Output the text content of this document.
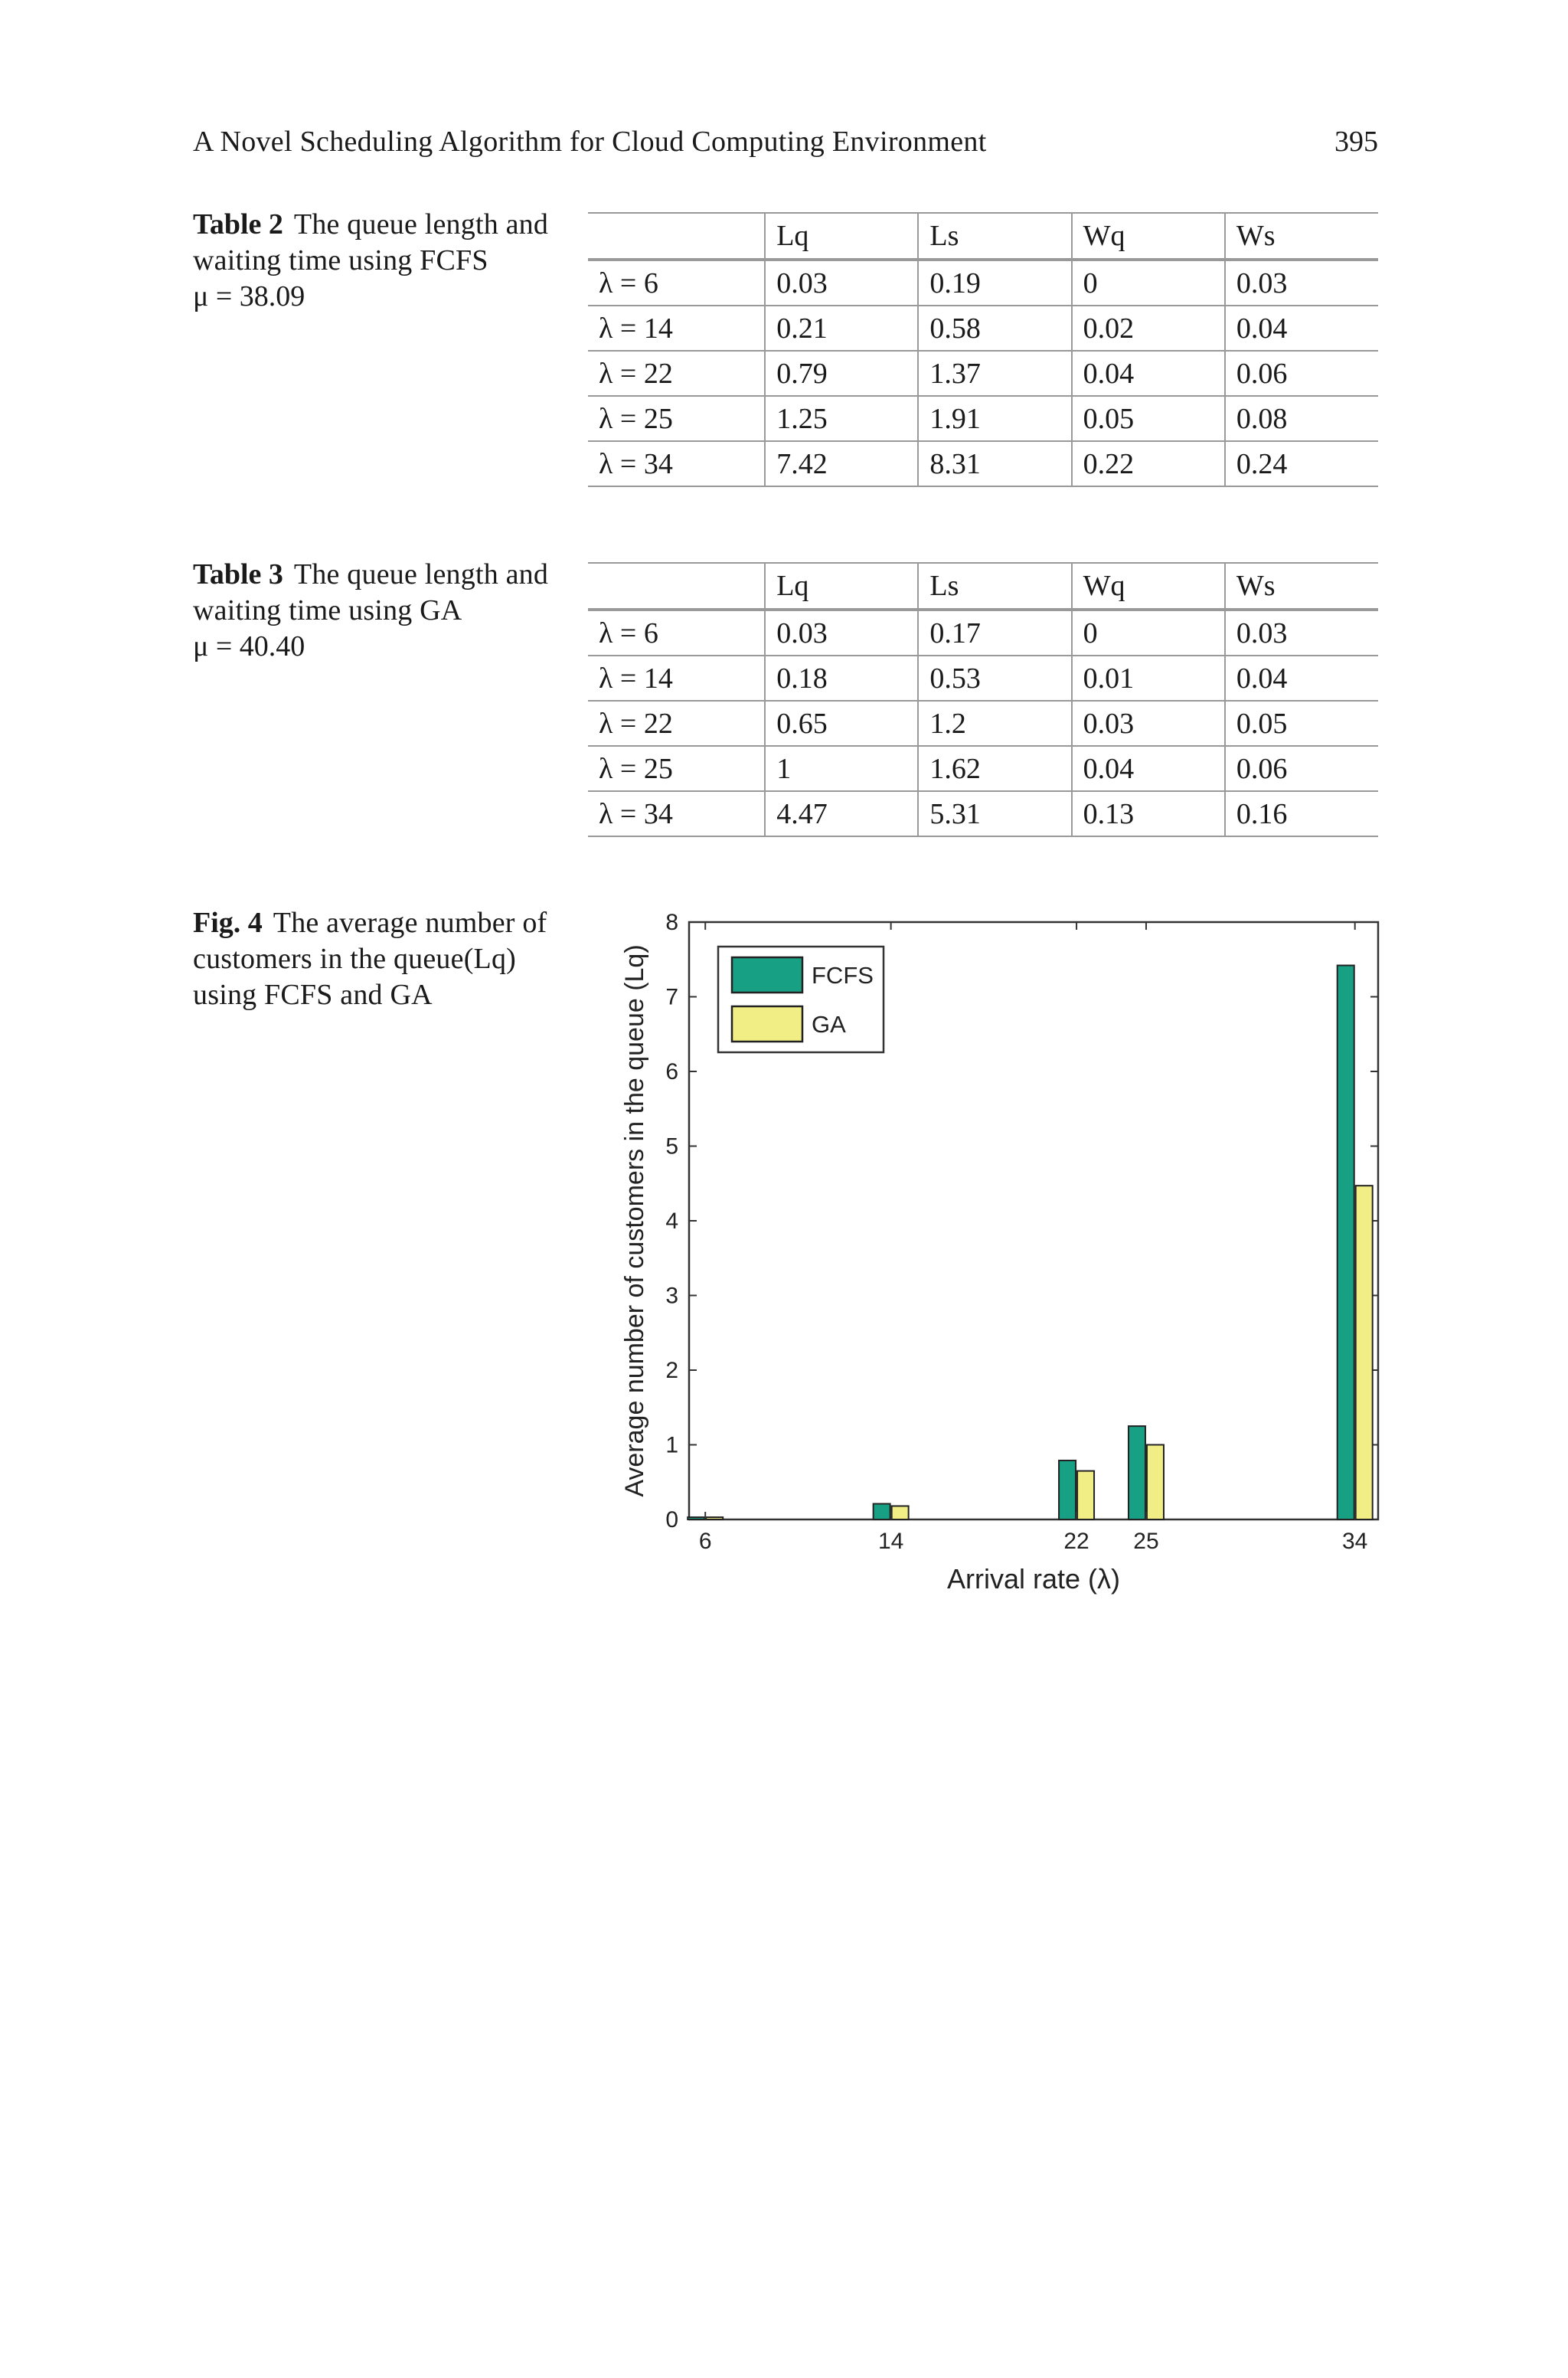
A Novel Scheduling Algorithm for Cloud Computing Environment	395
Table 2 The queue length and waiting time using FCFS
μ = 38.09
	Lq	Ls	Wq	Ws
λ = 6	0.03	0.19	0	0.03
λ = 14	0.21	0.58	0.02	0.04
λ = 22	0.79	1.37	0.04	0.06
λ = 25	1.25	1.91	0.05	0.08
λ = 34	7.42	8.31	0.22	0.24
Table 3 The queue length and waiting time using GA
μ = 40.40
	Lq	Ls	Wq	Ws
λ = 6	0.03	0.17	0	0.03
λ = 14	0.18	0.53	0.01	0.04
λ = 22	0.65	1.2	0.03	0.05
λ = 25	1	1.62	0.04	0.06
λ = 34	4.47	5.31	0.13	0.16
Fig. 4 The average number of customers in the queue(Lq) using FCFS and GA
0
1
2
3
4
5
6
7
8
6	14	22 25	34
Arrival rate (λ)
Average number of customers in the queue (Lq)	FCFS
GA
